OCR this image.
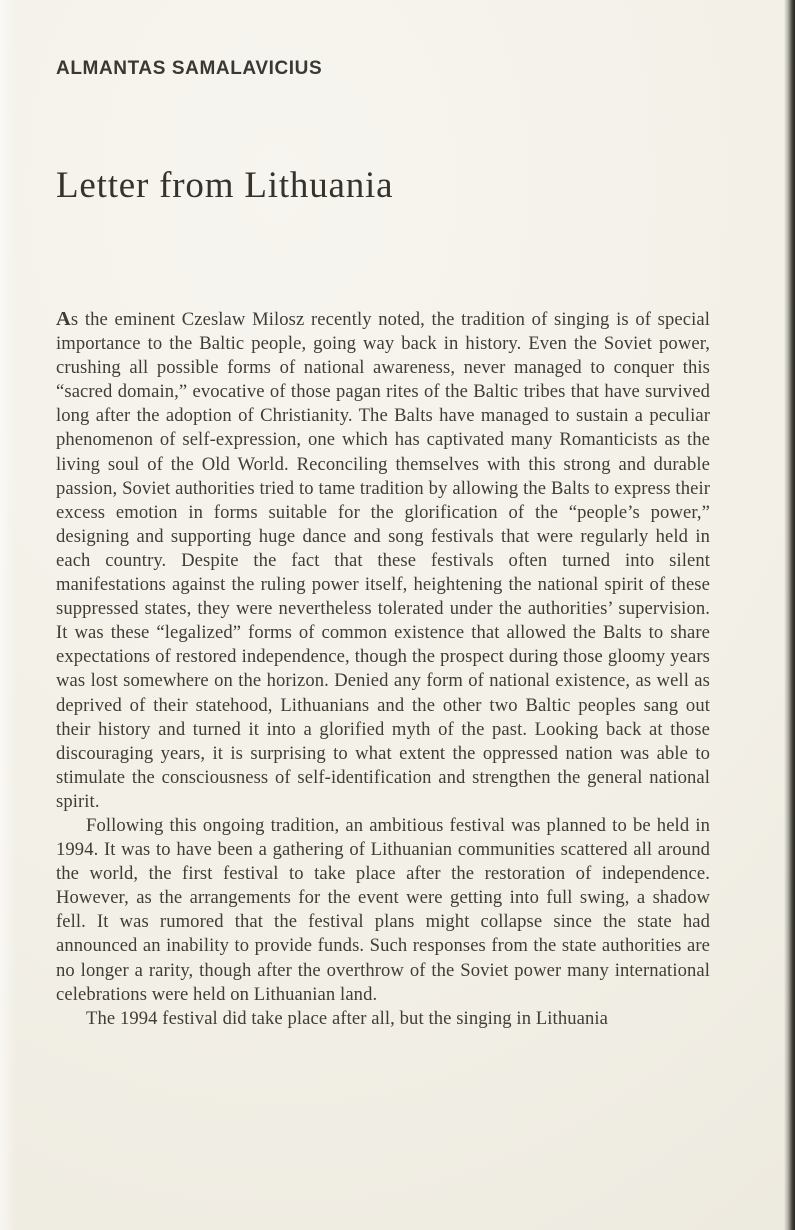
ALMANTAS SAMALAVICIUS
Letter from Lithuania

As the eminent Czeslaw Milosz recently noted, the tradition of singing is of special importance to the Baltic people, going way back in history. Even the Soviet power, crushing all possible forms of national awareness, never managed to conquer this “sacred domain,” evocative of those pagan rites of the Baltic tribes that have survived long after the adoption of Christianity. The Balts have managed to sustain a peculiar phenomenon of self-expression, one which has captivated many Romanticists as the living soul of the Old World. Reconciling themselves with this strong and durable passion, Soviet authorities tried to tame tradition by allowing the Balts to express their excess emotion in forms suitable for the glorification of the “people’s power,” designing and supporting huge dance and song festivals that were regularly held in each country. Despite the fact that these festivals often turned into silent manifestations against the ruling power itself, heightening the national spirit of these suppressed states, they were nevertheless tolerated under the authorities’ supervision. It was these “legalized” forms of common existence that allowed the Balts to share expectations of restored independence, though the prospect during those gloomy years was lost somewhere on the horizon. Denied any form of national existence, as well as deprived of their statehood, Lithuanians and the other two Baltic peoples sang out their history and turned it into a glorified myth of the past. Looking back at those discouraging years, it is surprising to what extent the oppressed nation was able to stimulate the consciousness of self-identification and strengthen the general national spirit.

Following this ongoing tradition, an ambitious festival was planned to be held in 1994. It was to have been a gathering of Lithuanian communities scattered all around the world, the first festival to take place after the restoration of independence. However, as the arrangements for the event were getting into full swing, a shadow fell. It was rumored that the festival plans might collapse since the state had announced an inability to provide funds. Such responses from the state authorities are no longer a rarity, though after the overthrow of the Soviet power many international celebrations were held on Lithuanian land.

The 1994 festival did take place after all, but the singing in Lithuania
